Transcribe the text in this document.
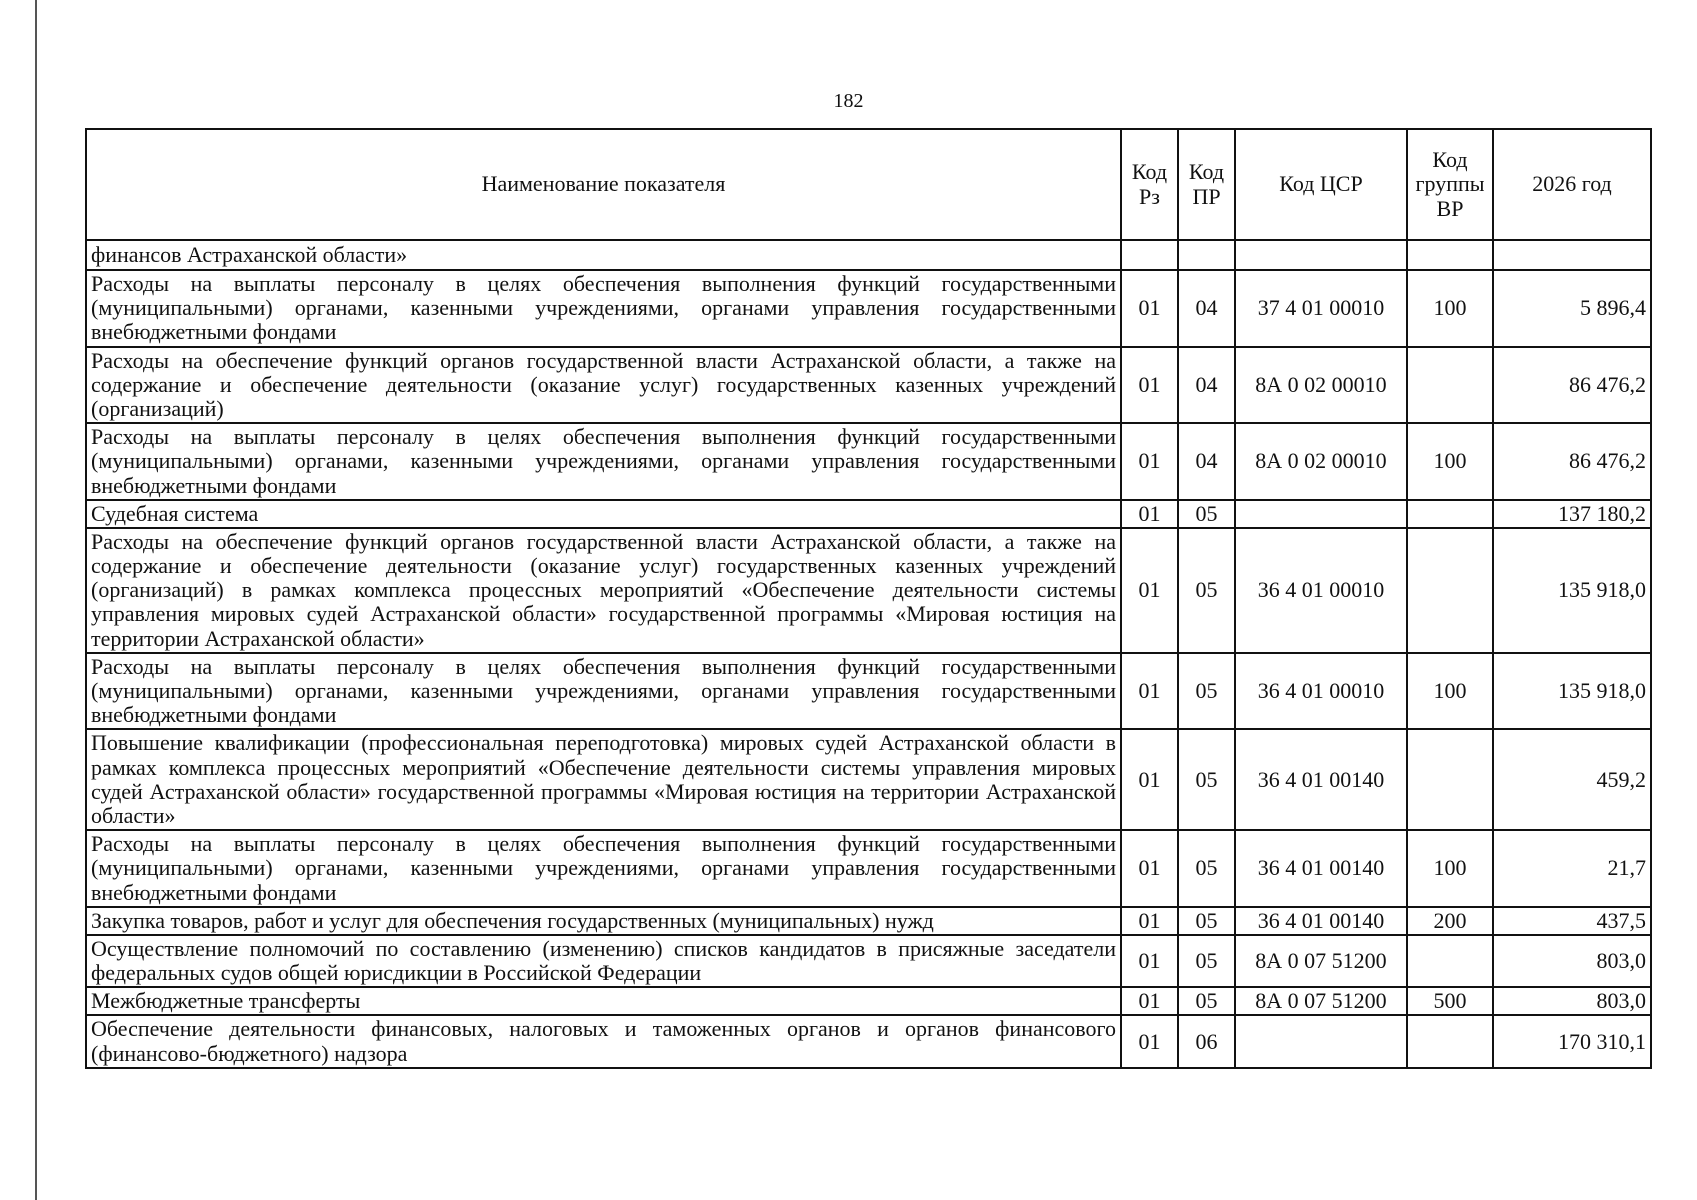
182
Наименование показателя	Код Рз	Код ПР	Код ЦСР	Код группы ВР	2026 год
финансов Астраханской области»					
Расходы на выплаты персоналу в целях обеспечения выполнения функций государственными (муниципальными) органами, казенными учреждениями, органами управления государственными внебюджетными фондами	01	04	37 4 01 00010	100	5 896,4
Расходы на обеспечение функций органов государственной власти Астраханской области, а также на содержание и обеспечение деятельности (оказание услуг) государственных казенных учреждений (организаций)	01	04	8А 0 02 00010		86 476,2
Расходы на выплаты персоналу в целях обеспечения выполнения функций государственными (муниципальными) органами, казенными учреждениями, органами управления государственными внебюджетными фондами	01	04	8А 0 02 00010	100	86 476,2
Судебная система	01	05			137 180,2
Расходы на обеспечение функций органов государственной власти Астраханской области, а также на содержание и обеспечение деятельности (оказание услуг) государственных казенных учреждений (организаций) в рамках комплекса процессных мероприятий «Обеспечение деятельности системы управления мировых судей Астраханской области» государственной программы «Мировая юстиция на территории Астраханской области»	01	05	36 4 01 00010		135 918,0
Расходы на выплаты персоналу в целях обеспечения выполнения функций государственными (муниципальными) органами, казенными учреждениями, органами управления государственными внебюджетными фондами	01	05	36 4 01 00010	100	135 918,0
Повышение квалификации (профессиональная переподготовка) мировых судей Астраханской области в рамках комплекса процессных мероприятий «Обеспечение деятельности системы управления мировых судей Астраханской области» государственной программы «Мировая юстиция на территории Астраханской области»	01	05	36 4 01 00140		459,2
Расходы на выплаты персоналу в целях обеспечения выполнения функций государственными (муниципальными) органами, казенными учреждениями, органами управления государственными внебюджетными фондами	01	05	36 4 01 00140	100	21,7
Закупка товаров, работ и услуг для обеспечения государственных (муниципальных) нужд	01	05	36 4 01 00140	200	437,5
Осуществление полномочий по составлению (изменению) списков кандидатов в присяжные заседатели федеральных судов общей юрисдикции в Российской Федерации	01	05	8А 0 07 51200		803,0
Межбюджетные трансферты	01	05	8А 0 07 51200	500	803,0
Обеспечение деятельности финансовых, налоговых и таможенных органов и органов финансового (финансово-бюджетного) надзора	01	06			170 310,1
